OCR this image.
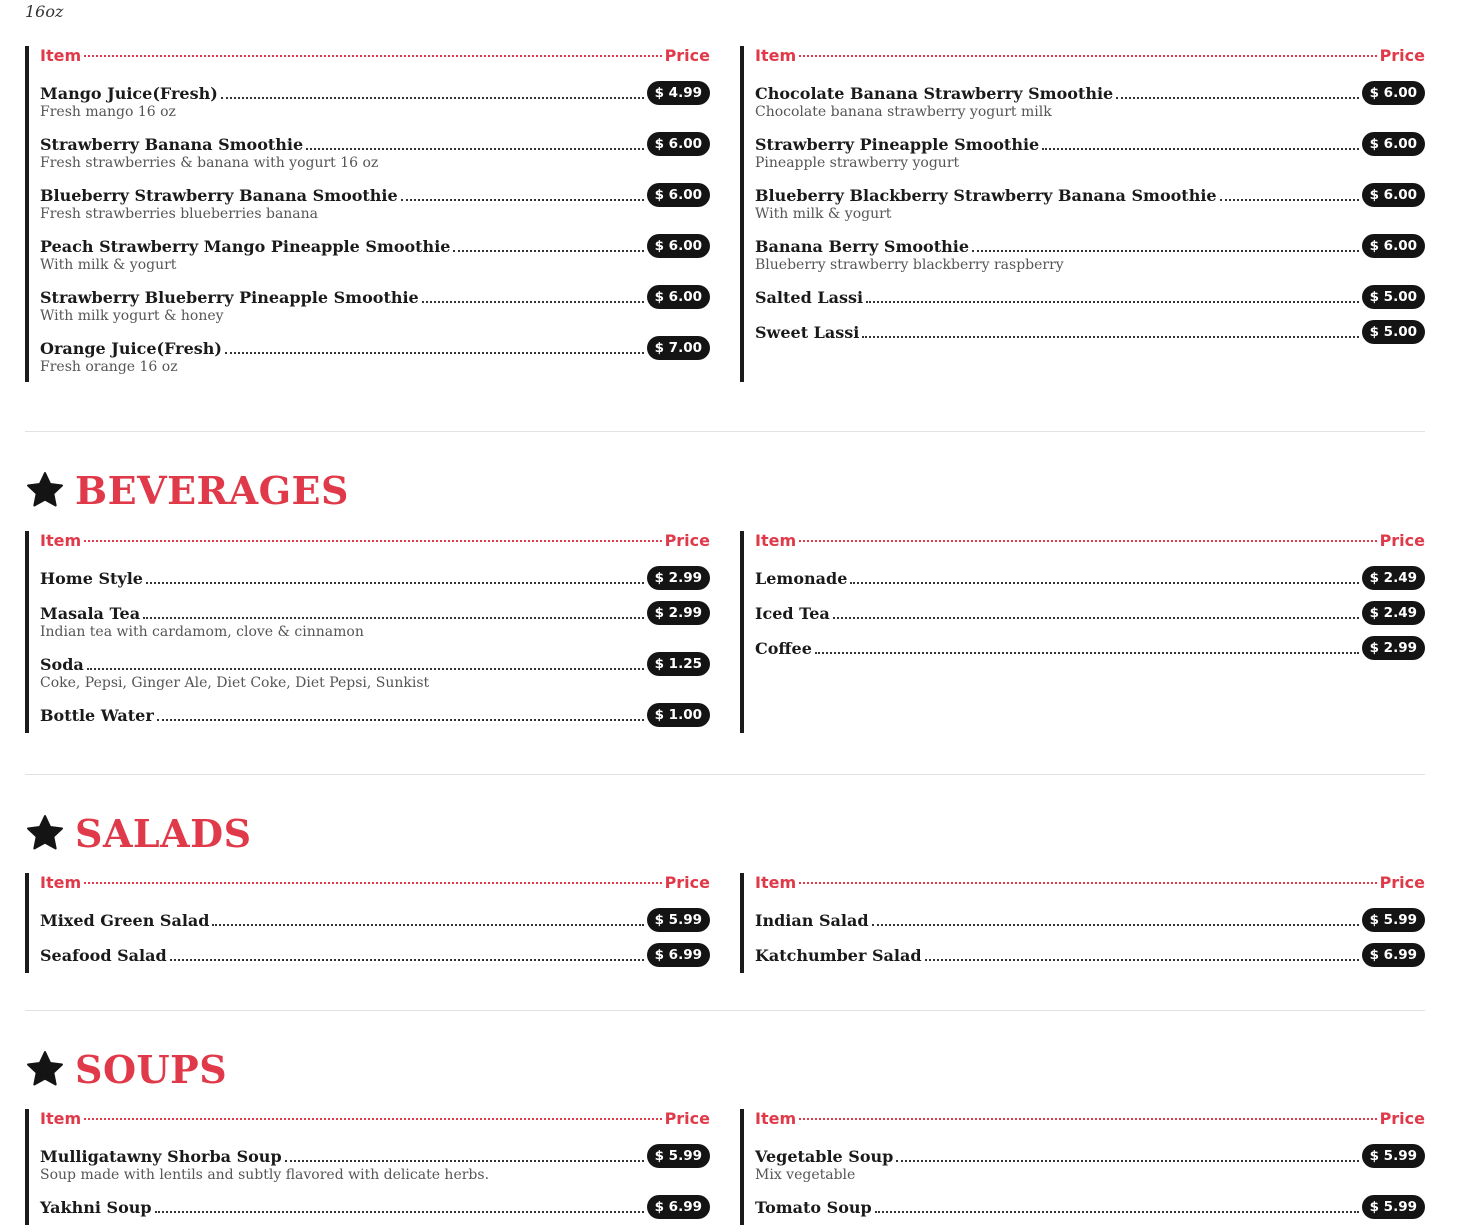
16oz
Item	Price
Mango Juice(Fresh)	$ 4.99
Fresh mango 16 oz
Strawberry Banana Smoothie	$ 6.00
Fresh strawberries & banana with yogurt 16 oz
Blueberry Strawberry Banana Smoothie	$ 6.00
Fresh strawberries blueberries banana
Peach Strawberry Mango Pineapple Smoothie	$ 6.00
With milk & yogurt
Strawberry Blueberry Pineapple Smoothie	$ 6.00
With milk yogurt & honey
Orange Juice(Fresh)	$ 7.00
Fresh orange 16 oz
Item	Price
Chocolate Banana Strawberry Smoothie	$ 6.00
Chocolate banana strawberry yogurt milk
Strawberry Pineapple Smoothie	$ 6.00
Pineapple strawberry yogurt
Blueberry Blackberry Strawberry Banana Smoothie	$ 6.00
With milk & yogurt
Banana Berry Smoothie	$ 6.00
Blueberry strawberry blackberry raspberry
Salted Lassi	$ 5.00
Sweet Lassi	$ 5.00
BEVERAGES
Item	Price
Home Style	$ 2.99
Masala Tea	$ 2.99
Indian tea with cardamom, clove & cinnamon
Soda	$ 1.25
Coke, Pepsi, Ginger Ale, Diet Coke, Diet Pepsi, Sunkist
Bottle Water	$ 1.00
Item	Price
Lemonade	$ 2.49
Iced Tea	$ 2.49
Coffee	$ 2.99
SALADS
Item	Price
Mixed Green Salad	$ 5.99
Seafood Salad	$ 6.99
Item	Price
Indian Salad	$ 5.99
Katchumber Salad	$ 6.99
SOUPS
Item	Price
Mulligatawny Shorba Soup	$ 5.99
Soup made with lentils and subtly flavored with delicate herbs.
Yakhni Soup	$ 6.99
Item	Price
Vegetable Soup	$ 5.99
Mix vegetable
Tomato Soup	$ 5.99
